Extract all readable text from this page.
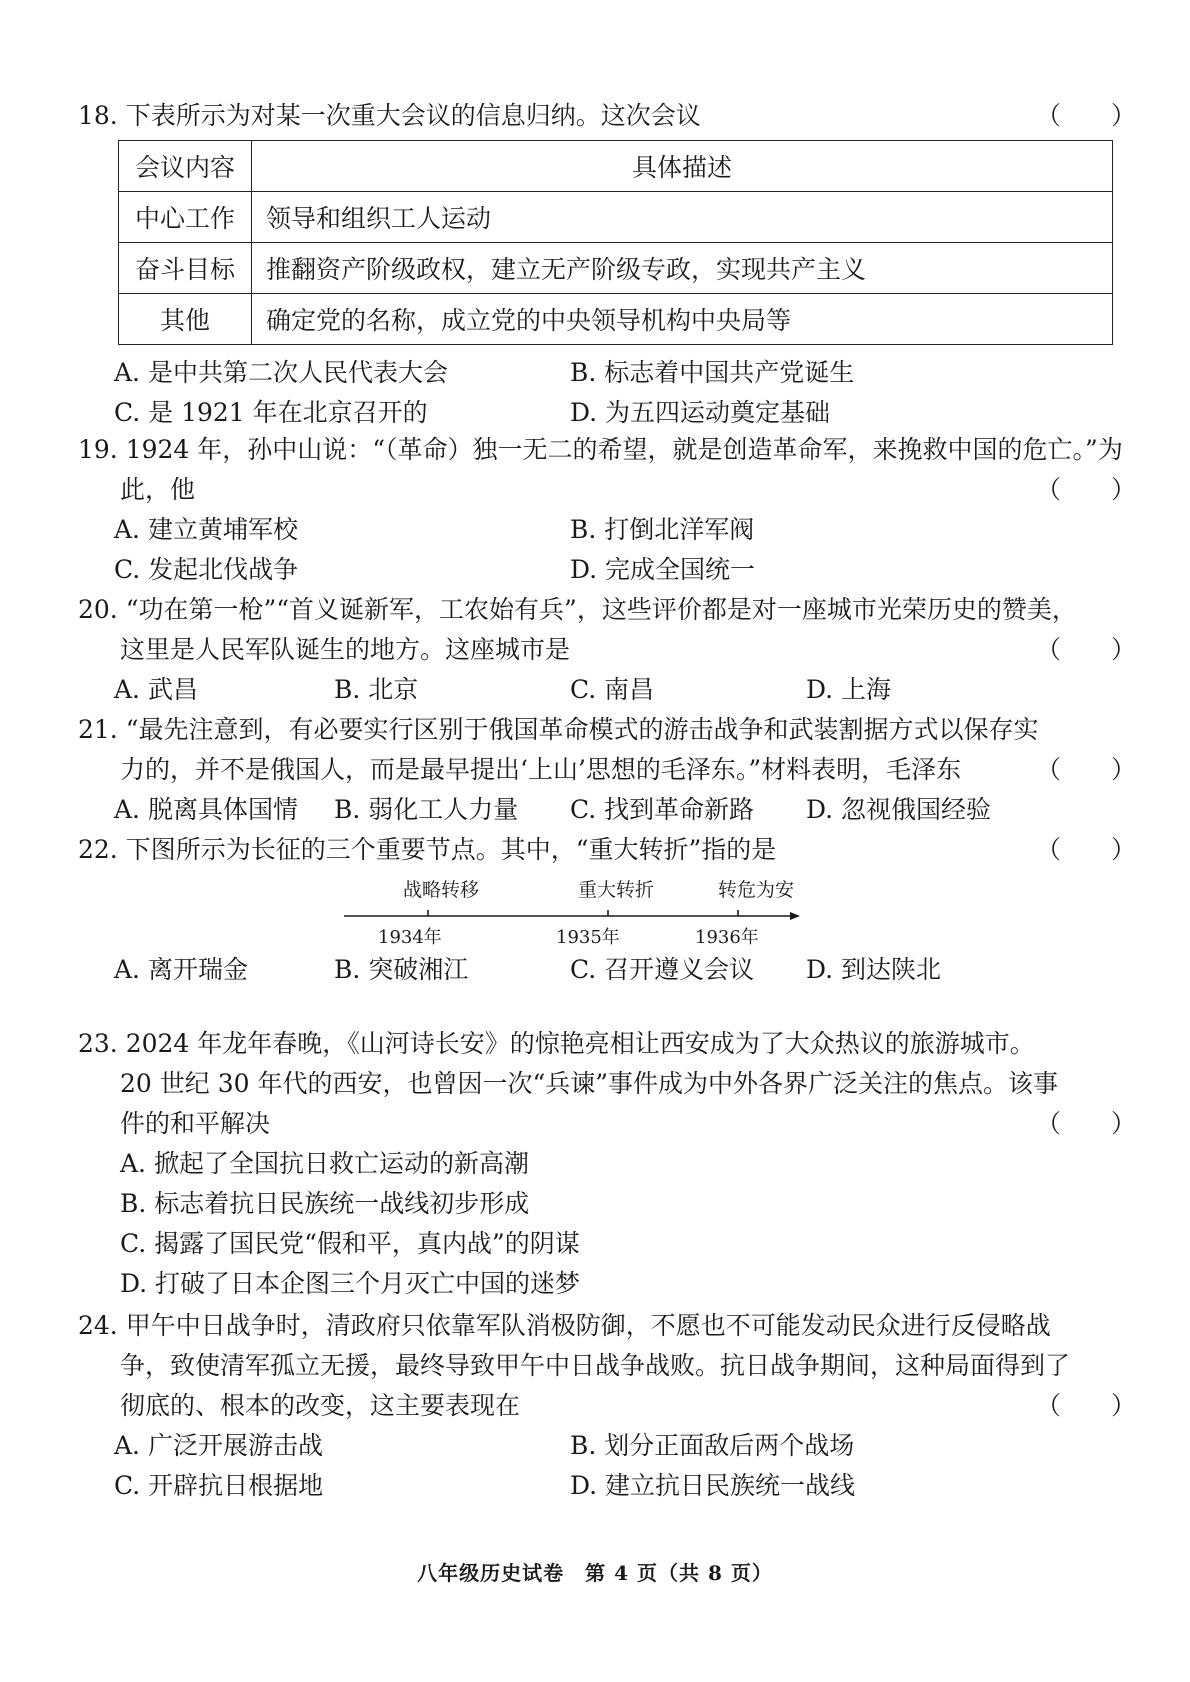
18. 下表所示为对某一次重大会议的信息归纳。这次会议	（　　）
会议内容	具体描述
中心工作	领导和组织工人运动
奋斗目标	推翻资产阶级政权，建立无产阶级专政，实现共产主义
其他	确定党的名称，成立党的中央领导机构中央局等
A. 是中共第二次人民代表大会	B. 标志着中国共产党诞生
C. 是 1921 年在北京召开的	D. 为五四运动奠定基础
19. 1924 年，孙中山说：“（革命）独一无二的希望，就是创造革命军，来挽救中国的危亡。”为
此，他	（　　）
A. 建立黄埔军校	B. 打倒北洋军阀
C. 发起北伐战争	D. 完成全国统一
20. “功在第一枪”“首义诞新军，工农始有兵”，这些评价都是对一座城市光荣历史的赞美，
这里是人民军队诞生的地方。这座城市是	（　　）
A. 武昌	B. 北京	C. 南昌	D. 上海
21. “最先注意到，有必要实行区别于俄国革命模式的游击战争和武装割据方式以保存实
力的，并不是俄国人，而是最早提出‘上山’思想的毛泽东。”材料表明，毛泽东	（　　）
A. 脱离具体国情 B. 弱化工人力量 C. 找到革命新路 D. 忽视俄国经验
22. 下图所示为长征的三个重要节点。其中，“重大转折”指的是	（　　）
战略转移	重大转折	转危为安
1934年	1935年	1936年
A. 离开瑞金	B. 突破湘江	C. 召开遵义会议 D. 到达陕北
23. 2024 年龙年春晚，《山河诗长安》的惊艳亮相让西安成为了大众热议的旅游城市。
20 世纪 30 年代的西安，也曾因一次“兵谏”事件成为中外各界广泛关注的焦点。该事
件的和平解决	（　　）
A. 掀起了全国抗日救亡运动的新高潮
B. 标志着抗日民族统一战线初步形成
C. 揭露了国民党“假和平，真内战”的阴谋
D. 打破了日本企图三个月灭亡中国的迷梦
24. 甲午中日战争时，清政府只依靠军队消极防御，不愿也不可能发动民众进行反侵略战
争，致使清军孤立无援，最终导致甲午中日战争战败。抗日战争期间，这种局面得到了
彻底的、根本的改变，这主要表现在	（　　）
A. 广泛开展游击战	B. 划分正面敌后两个战场
C. 开辟抗日根据地	D. 建立抗日民族统一战线
八年级历史试卷　第 4 页（共 8 页）
